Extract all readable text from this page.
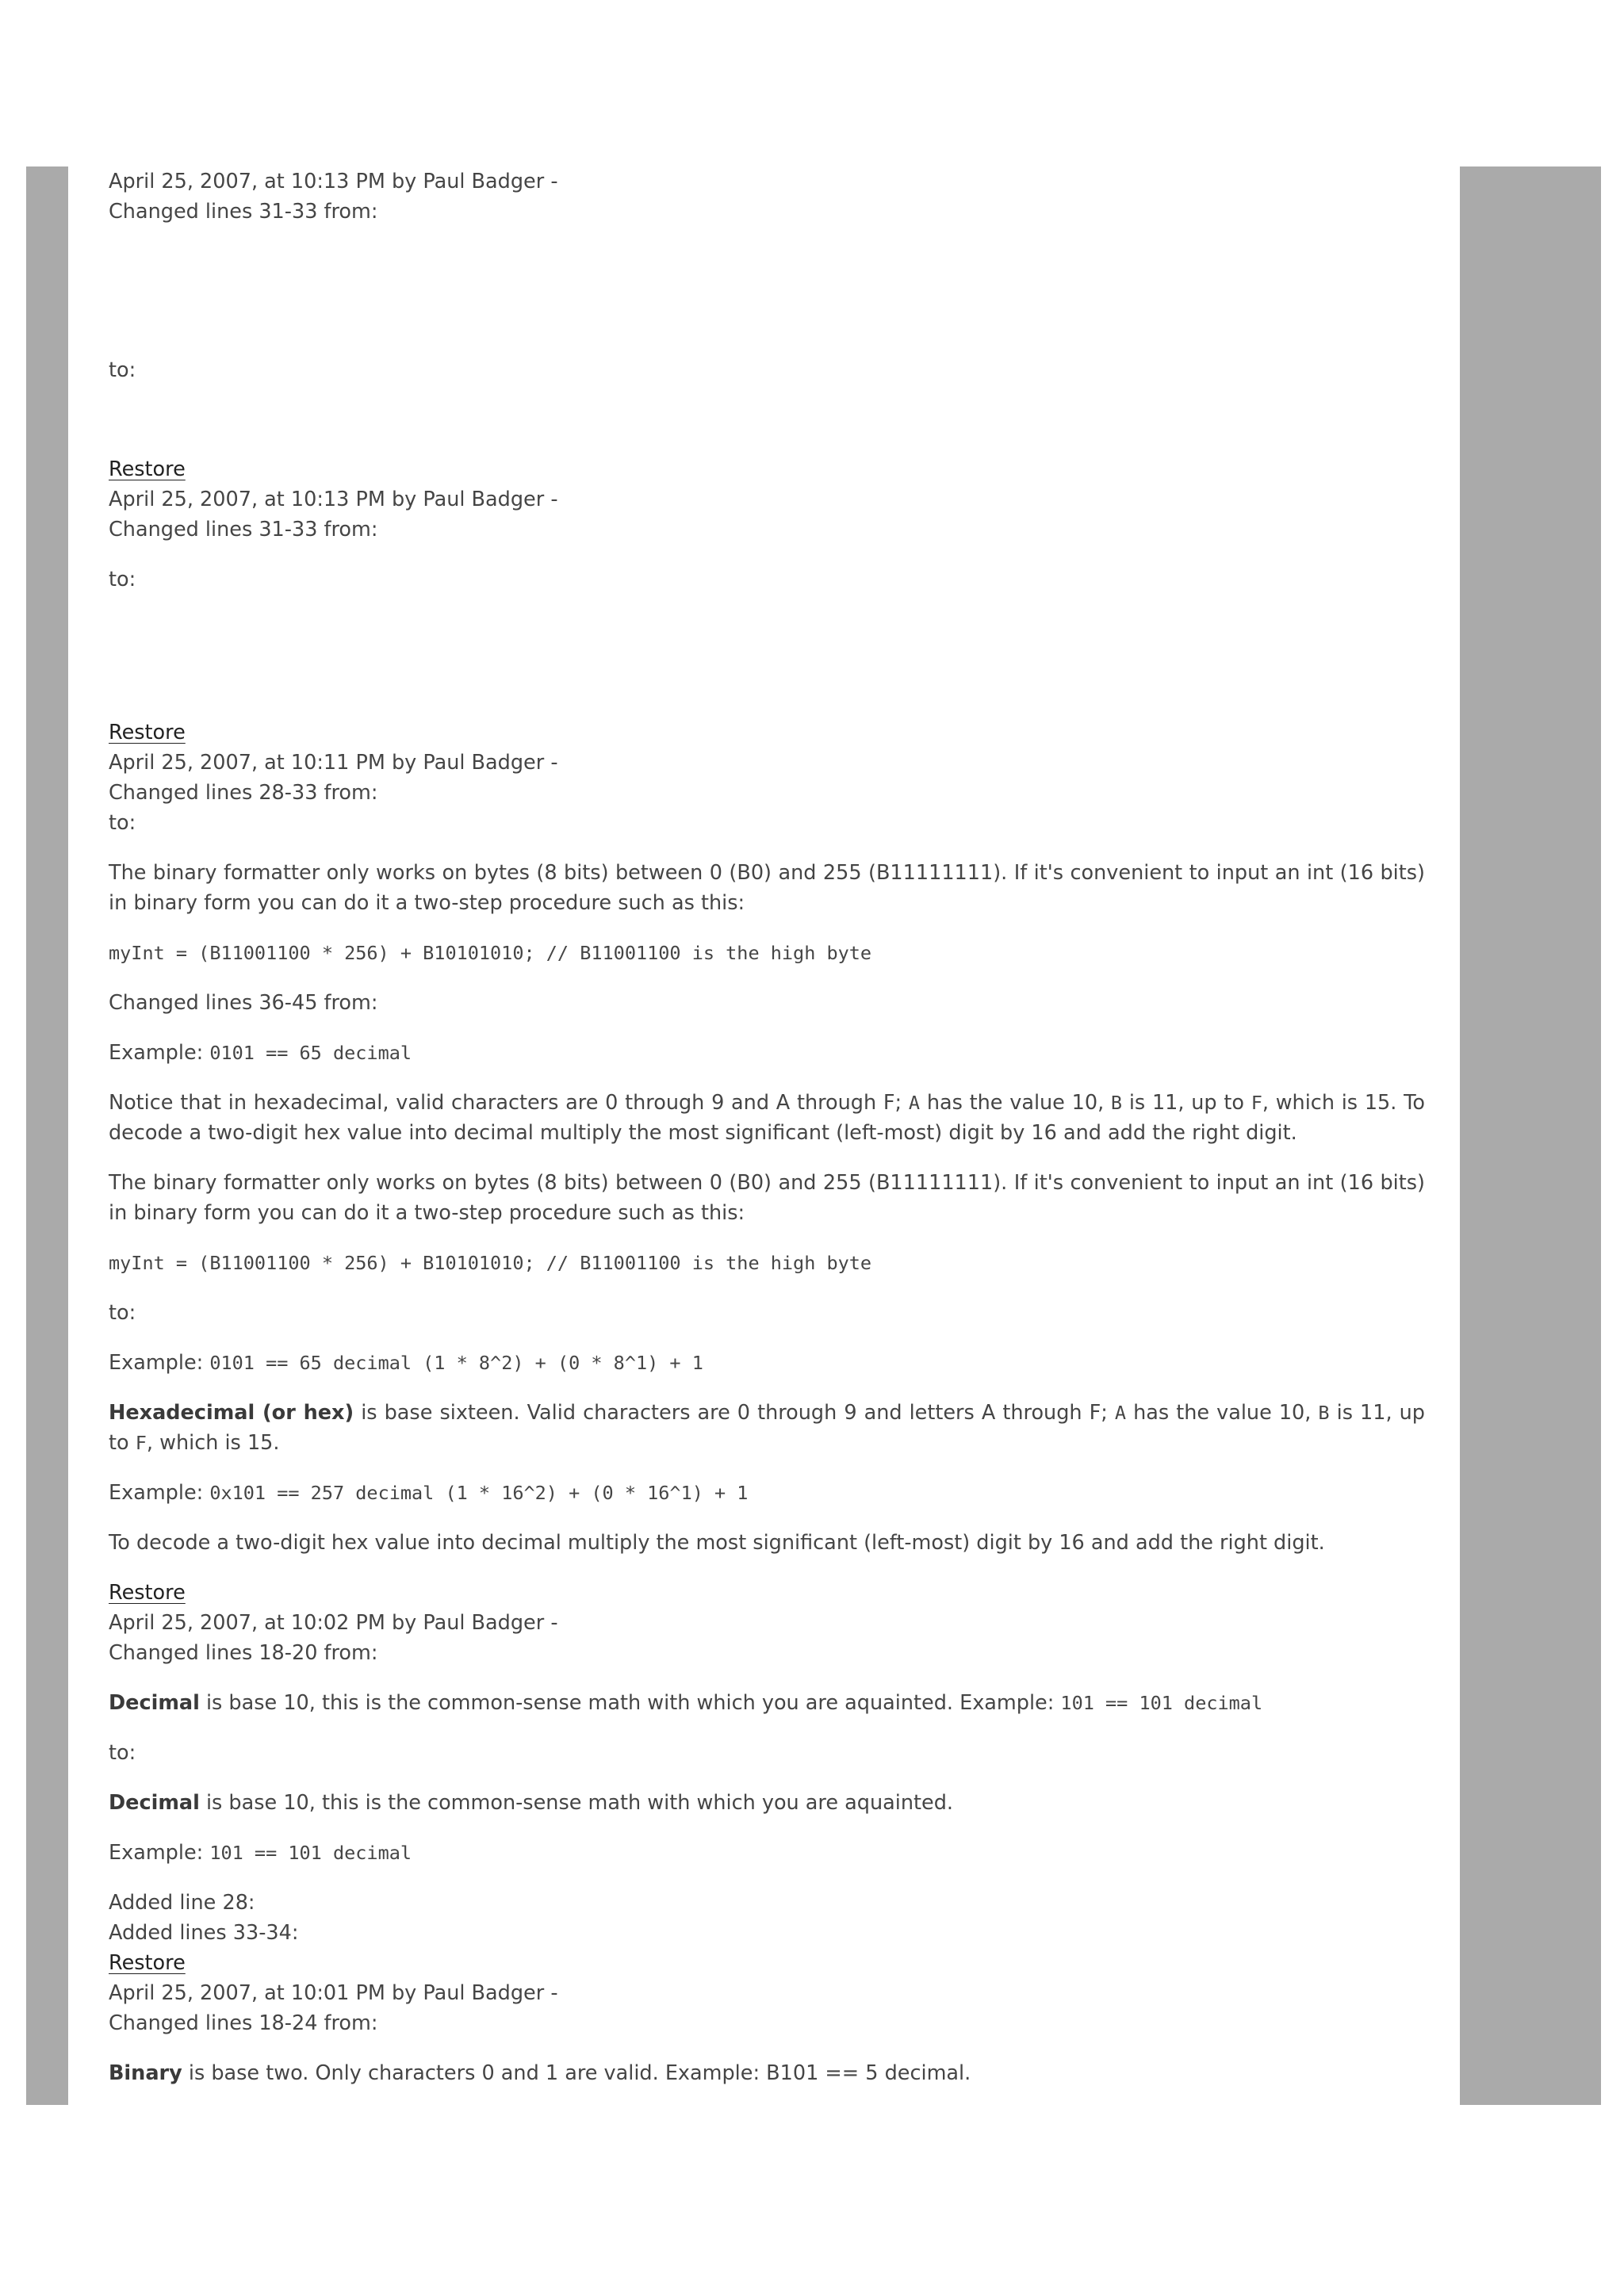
April 25, 2007, at 10:13 PM by Paul Badger -
Changed lines 31-33 from:
to:
Restore
April 25, 2007, at 10:13 PM by Paul Badger -
Changed lines 31-33 from:
to:
Restore
April 25, 2007, at 10:11 PM by Paul Badger -
Changed lines 28-33 from:
to:
The binary formatter only works on bytes (8 bits) between 0 (B0) and 255 (B11111111). If it's convenient to input an int (16 bits) in binary form you can do it a two-step procedure such as this:
myInt = (B11001100 * 256) + B10101010; // B11001100 is the high byte
Changed lines 36-45 from:
Example: 0101 == 65 decimal
Notice that in hexadecimal, valid characters are 0 through 9 and A through F; A has the value 10, B is 11, up to F, which is 15. To decode a two-digit hex value into decimal multiply the most significant (left-most) digit by 16 and add the right digit.
The binary formatter only works on bytes (8 bits) between 0 (B0) and 255 (B11111111). If it's convenient to input an int (16 bits) in binary form you can do it a two-step procedure such as this:
myInt = (B11001100 * 256) + B10101010; // B11001100 is the high byte
to:
Example: 0101 == 65 decimal (1 * 8^2) + (0 * 8^1) + 1
Hexadecimal (or hex) is base sixteen. Valid characters are 0 through 9 and letters A through F; A has the value 10, B is 11, up to F, which is 15.
Example: 0x101 == 257 decimal (1 * 16^2) + (0 * 16^1) + 1
To decode a two-digit hex value into decimal multiply the most significant (left-most) digit by 16 and add the right digit.
Restore
April 25, 2007, at 10:02 PM by Paul Badger -
Changed lines 18-20 from:
Decimal is base 10, this is the common-sense math with which you are aquainted. Example: 101 == 101 decimal
to:
Decimal is base 10, this is the common-sense math with which you are aquainted.
Example: 101 == 101 decimal
Added line 28:
Added lines 33-34:
Restore
April 25, 2007, at 10:01 PM by Paul Badger -
Changed lines 18-24 from:
Binary is base two. Only characters 0 and 1 are valid. Example: B101 == 5 decimal.
